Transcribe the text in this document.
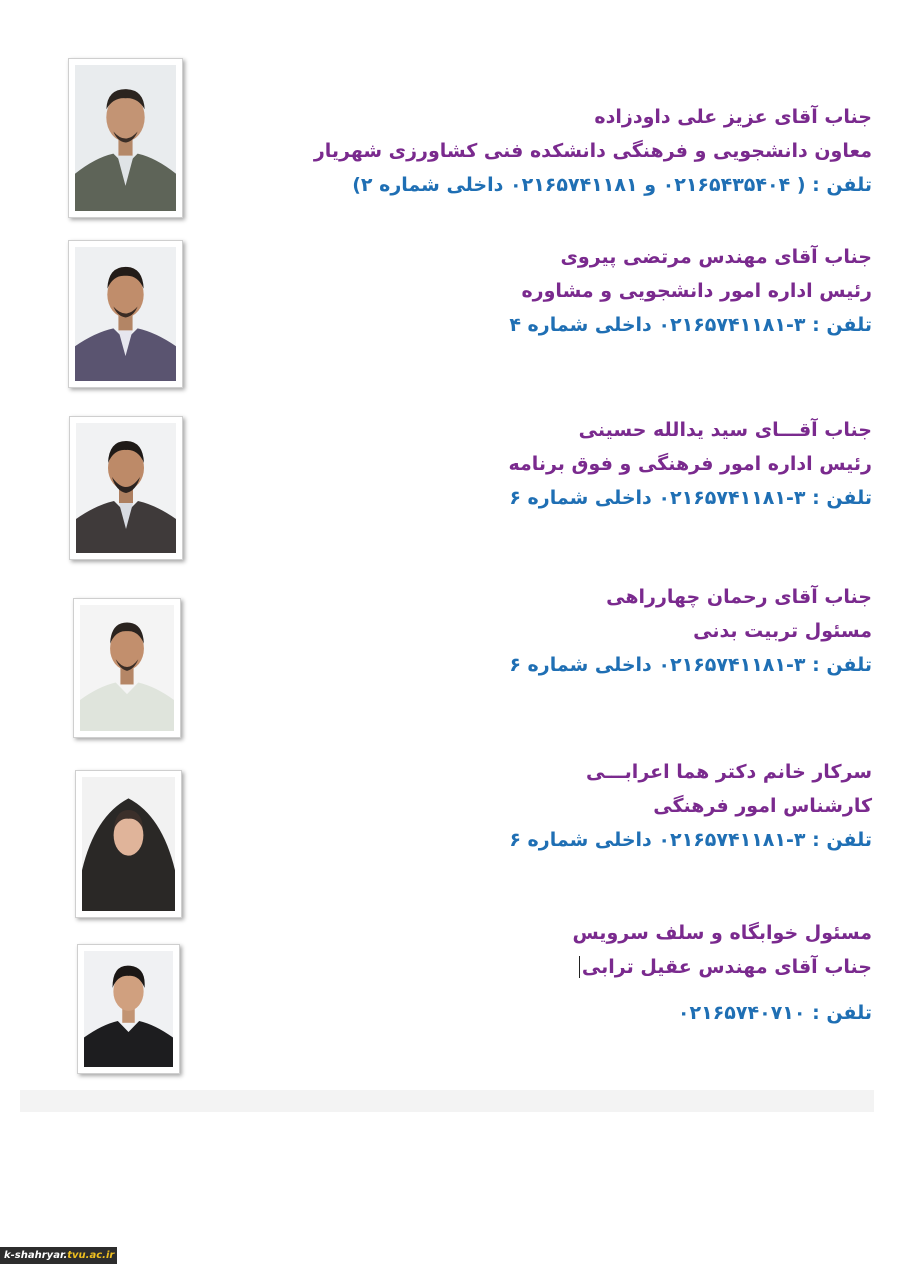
جناب آقای عزیز علی داودزاده
معاون دانشجویی و فرهنگی دانشکده فنی کشاورزی شهریار
تلفن : ( ۰۲۱۶۵۴۳۵۴۰۴ و ۰۲۱۶۵۷۴۱۱۸۱ داخلی شماره ۲)
جناب آقای مهندس مرتضی پیروی
رئیس اداره امور دانشجویی و مشاوره
تلفن : ۳-۰۲۱۶۵۷۴۱۱۸۱ داخلی شماره ۴
جناب آقـــای سید یدالله حسینی
رئیس اداره امور فرهنگی و فوق برنامه
تلفن : ۳-۰۲۱۶۵۷۴۱۱۸۱ داخلی شماره ۶
جناب آقای رحمان چهارراهی
مسئول تربیت بدنی
تلفن : ۳-۰۲۱۶۵۷۴۱۱۸۱ داخلی شماره ۶
سرکار خانم دکتر هما اعرابـــی
کارشناس امور فرهنگی
تلفن : ۳-۰۲۱۶۵۷۴۱۱۸۱ داخلی شماره ۶
مسئول خوابگاه و سلف سرویس
جناب آقای مهندس عقیل ترابی
تلفن : ۰۲۱۶۵۷۴۰۷۱۰
k-shahryar.tvu.ac.ir
